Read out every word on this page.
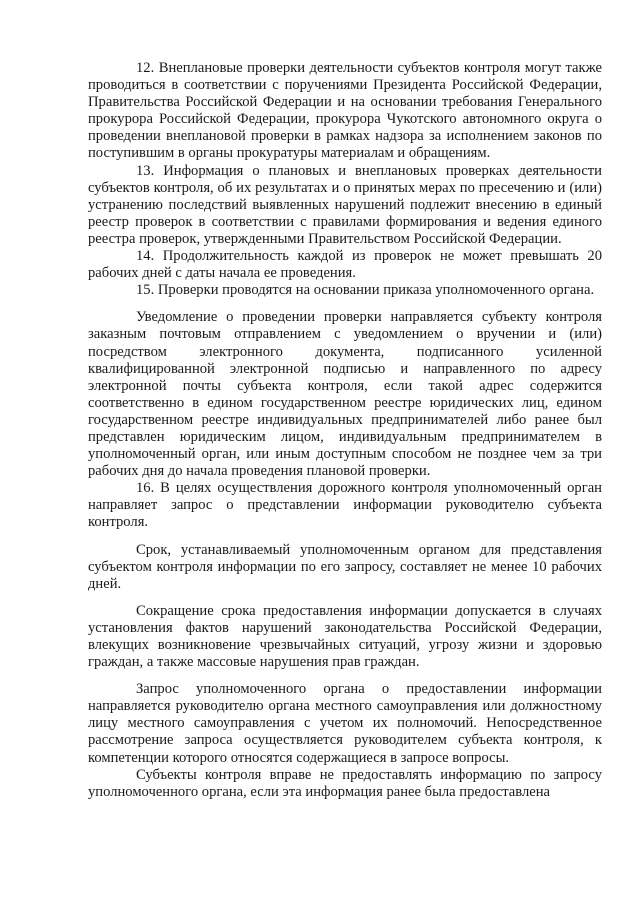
12. Внеплановые проверки деятельности субъектов контроля могут также проводиться в соответствии с поручениями Президента Российской Федерации, Правительства Российской Федерации и на основании требования Генерального прокурора Российской Федерации, прокурора Чукотского автономного округа о проведении внеплановой проверки в рамках надзора за исполнением законов по поступившим в органы прокуратуры материалам и обращениям.

13. Информация о плановых и внеплановых проверках деятельности субъектов контроля, об их результатах и о принятых мерах по пресечению и (или) устранению последствий выявленных нарушений подлежит внесению в единый реестр проверок в соответствии с правилами формирования и ведения единого реестра проверок, утвержденными Правительством Российской Федерации.

14. Продолжительность каждой из проверок не может превышать 20 рабочих дней с даты начала ее проведения.

15. Проверки проводятся на основании приказа уполномоченного органа.

Уведомление о проведении проверки направляется субъекту контроля заказным почтовым отправлением с уведомлением о вручении и (или) посредством электронного документа, подписанного усиленной квалифицированной электронной подписью и направленного по адресу электронной почты субъекта контроля, если такой адрес содержится соответственно в едином государственном реестре юридических лиц, едином государственном реестре индивидуальных предпринимателей либо ранее был представлен юридическим лицом, индивидуальным предпринимателем в уполномоченный орган, или иным доступным способом не позднее чем за три рабочих дня до начала проведения плановой проверки.

16. В целях осуществления дорожного контроля уполномоченный орган направляет запрос о представлении информации руководителю субъекта контроля.

Срок, устанавливаемый уполномоченным органом для представления субъектом контроля информации по его запросу, составляет не менее 10 рабочих дней.

Сокращение срока предоставления информации допускается в случаях установления фактов нарушений законодательства Российской Федерации, влекущих возникновение чрезвычайных ситуаций, угрозу жизни и здоровью граждан, а также массовые нарушения прав граждан.

Запрос уполномоченного органа о предоставлении информации направляется руководителю органа местного самоуправления или должностному лицу местного самоуправления с учетом их полномочий. Непосредственное рассмотрение запроса осуществляется руководителем субъекта контроля, к компетенции которого относятся содержащиеся в запросе вопросы.

Субъекты контроля вправе не предоставлять информацию по запросу уполномоченного органа, если эта информация ранее была предоставлена
